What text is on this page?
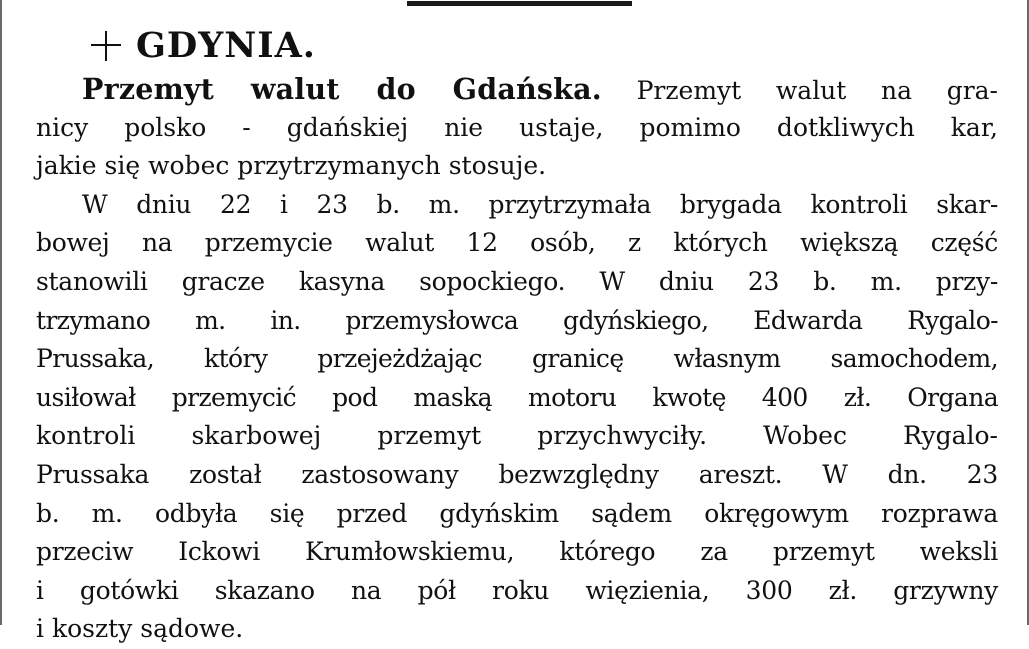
GDYNIA.
Przemyt walut do Gdańska. Przemyt walut na gra-
nicy polsko - gdańskiej nie ustaje, pomimo dotkliwych kar,
jakie się wobec przytrzymanych stosuje.
W dniu 22 i 23 b. m. przytrzymała brygada kontroli skar-
bowej na przemycie walut 12 osób, z których większą część
stanowili gracze kasyna sopockiego. W dniu 23 b. m. przy-
trzymano m. in. przemysłowca gdyńskiego, Edwarda Rygalo-
Prussaka, który przejeżdżając granicę własnym samochodem,
usiłował przemycić pod maską motoru kwotę 400 zł. Organa
kontroli skarbowej przemyt przychwyciły. Wobec Rygalo-
Prussaka został zastosowany bezwzględny areszt. W dn. 23
b. m. odbyła się przed gdyńskim sądem okręgowym rozprawa
przeciw Ickowi Krumłowskiemu, którego za przemyt weksli
i gotówki skazano na pół roku więzienia, 300 zł. grzywny
i koszty sądowe.
